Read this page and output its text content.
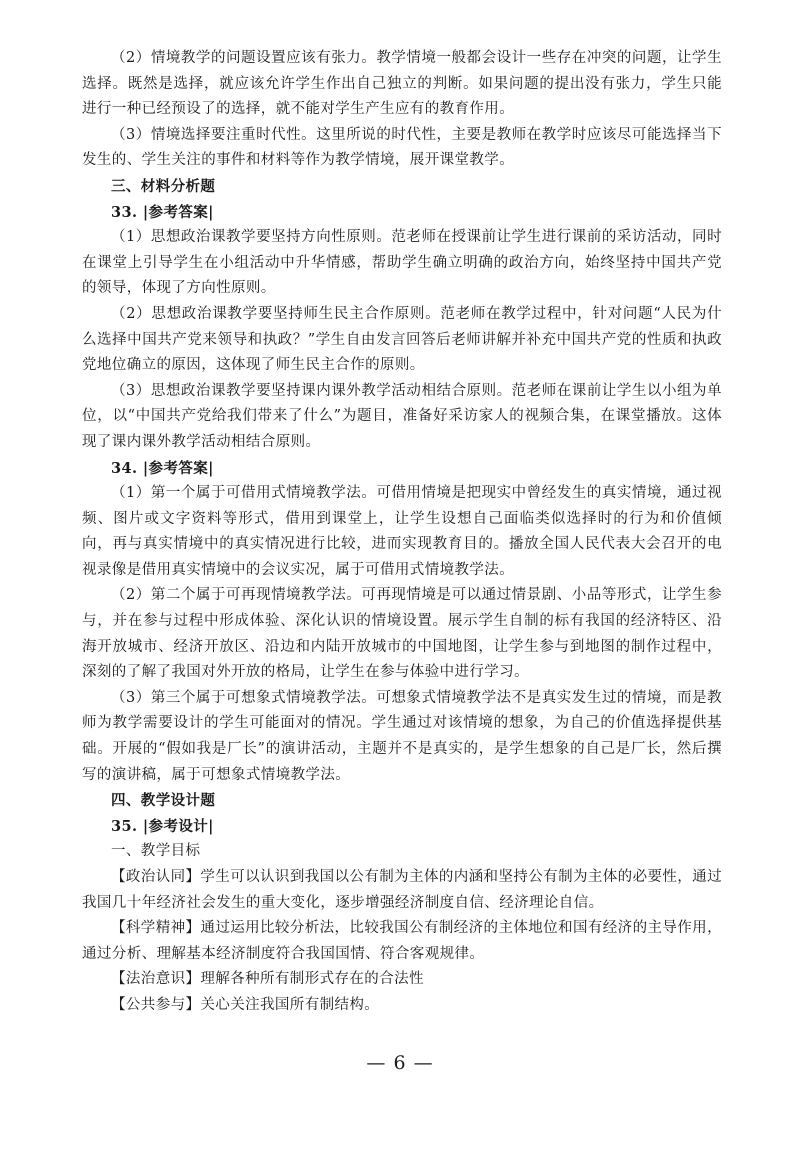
（2）情境教学的问题设置应该有张力。教学情境一般都会设计一些存在冲突的问题，让学生选择。既然是选择，就应该允许学生作出自己独立的判断。如果问题的提出没有张力，学生只能进行一种已经预设了的选择，就不能对学生产生应有的教育作用。

（3）情境选择要注重时代性。这里所说的时代性，主要是教师在教学时应该尽可能选择当下发生的、学生关注的事件和材料等作为教学情境，展开课堂教学。

三、材料分析题

33. |参考答案|

（1）思想政治课教学要坚持方向性原则。范老师在授课前让学生进行课前的采访活动，同时在课堂上引导学生在小组活动中升华情感，帮助学生确立明确的政治方向，始终坚持中国共产党的领导，体现了方向性原则。

（2）思想政治课教学要坚持师生民主合作原则。范老师在教学过程中，针对问题“人民为什么选择中国共产党来领导和执政？”学生自由发言回答后老师讲解并补充中国共产党的性质和执政党地位确立的原因，这体现了师生民主合作的原则。

（3）思想政治课教学要坚持课内课外教学活动相结合原则。范老师在课前让学生以小组为单位，以“中国共产党给我们带来了什么”为题目，准备好采访家人的视频合集，在课堂播放。这体现了课内课外教学活动相结合原则。

34. |参考答案|

（1）第一个属于可借用式情境教学法。可借用情境是把现实中曾经发生的真实情境，通过视频、图片或文字资料等形式，借用到课堂上，让学生设想自己面临类似选择时的行为和价值倾向，再与真实情境中的真实情况进行比较，进而实现教育目的。播放全国人民代表大会召开的电视录像是借用真实情境中的会议实况，属于可借用式情境教学法。

（2）第二个属于可再现情境教学法。可再现情境是可以通过情景剧、小品等形式，让学生参与，并在参与过程中形成体验、深化认识的情境设置。展示学生自制的标有我国的经济特区、沿海开放城市、经济开放区、沿边和内陆开放城市的中国地图，让学生参与到地图的制作过程中，深刻的了解了我国对外开放的格局，让学生在参与体验中进行学习。

（3）第三个属于可想象式情境教学法。可想象式情境教学法不是真实发生过的情境，而是教师为教学需要设计的学生可能面对的情况。学生通过对该情境的想象，为自己的价值选择提供基础。开展的“假如我是厂长”的演讲活动，主题并不是真实的，是学生想象的自己是厂长，然后撰写的演讲稿，属于可想象式情境教学法。

四、教学设计题

35. |参考设计|

一、教学目标

【政治认同】学生可以认识到我国以公有制为主体的内涵和坚持公有制为主体的必要性，通过我国几十年经济社会发生的重大变化，逐步增强经济制度自信、经济理论自信。

【科学精神】通过运用比较分析法，比较我国公有制经济的主体地位和国有经济的主导作用，通过分析、理解基本经济制度符合我国国情、符合客观规律。

【法治意识】理解各种所有制形式存在的合法性

【公共参与】关心关注我国所有制结构。

— 6 —
